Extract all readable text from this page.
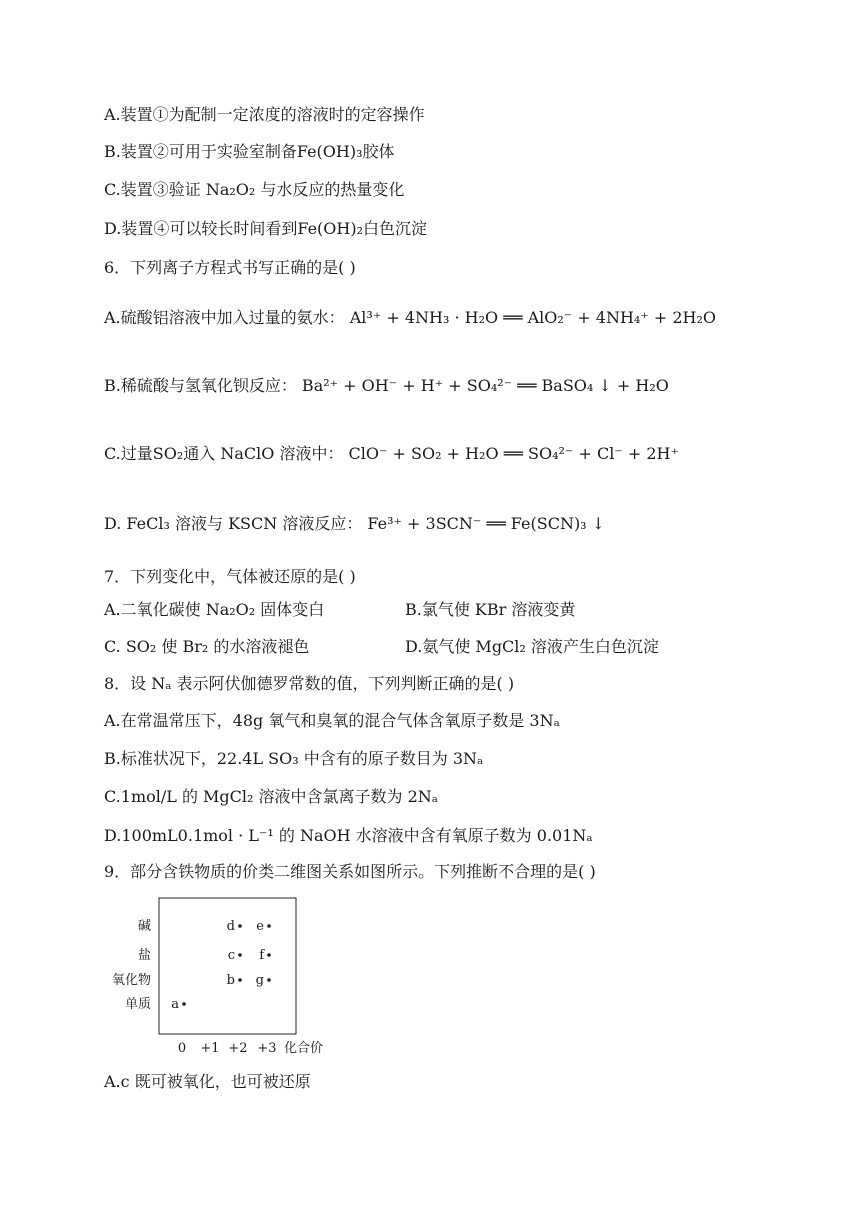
A.装置①为配制一定浓度的溶液时的定容操作
B.装置②可用于实验室制备Fe(OH)₃胶体
C.装置③验证 Na₂O₂ 与水反应的热量变化
D.装置④可以较长时间看到Fe(OH)₂白色沉淀
6．下列离子方程式书写正确的是( )
A.硫酸铝溶液中加入过量的氨水： Al³⁺ + 4NH₃ · H₂O ══ AlO₂⁻ + 4NH₄⁺ + 2H₂O
B.稀硫酸与氢氧化钡反应： Ba²⁺ + OH⁻ + H⁺ + SO₄²⁻ ══ BaSO₄ ↓ + H₂O
C.过量SO₂通入 NaClO 溶液中： ClO⁻ + SO₂ + H₂O ══ SO₄²⁻ + Cl⁻ + 2H⁺
D. FeCl₃ 溶液与 KSCN 溶液反应： Fe³⁺ + 3SCN⁻ ══ Fe(SCN)₃ ↓
7．下列变化中，气体被还原的是( )
A.二氧化碳使 Na₂O₂ 固体变白	B.氯气使 KBr 溶液变黄
C. SO₂ 使 Br₂ 的水溶液褪色	D.氨气使 MgCl₂ 溶液产生白色沉淀
8．设 Nₐ 表示阿伏伽德罗常数的值，下列判断正确的是( )
A.在常温常压下，48g 氧气和臭氧的混合气体含氧原子数是 3Nₐ
B.标准状况下，22.4L SO₃ 中含有的原子数目为 3Nₐ
C.1mol/L 的 MgCl₂ 溶液中含氯离子数为 2Nₐ
D.100mL0.1mol · L⁻¹ 的 NaOH 水溶液中含有氧原子数为 0.01Nₐ
9．部分含铁物质的价类二维图关系如图所示。下列推断不合理的是( )
碱
盐
氧化物
单质
0 +1 +2 +3
a
b
c
d e
f
g
化合价
A.c 既可被氧化，也可被还原
